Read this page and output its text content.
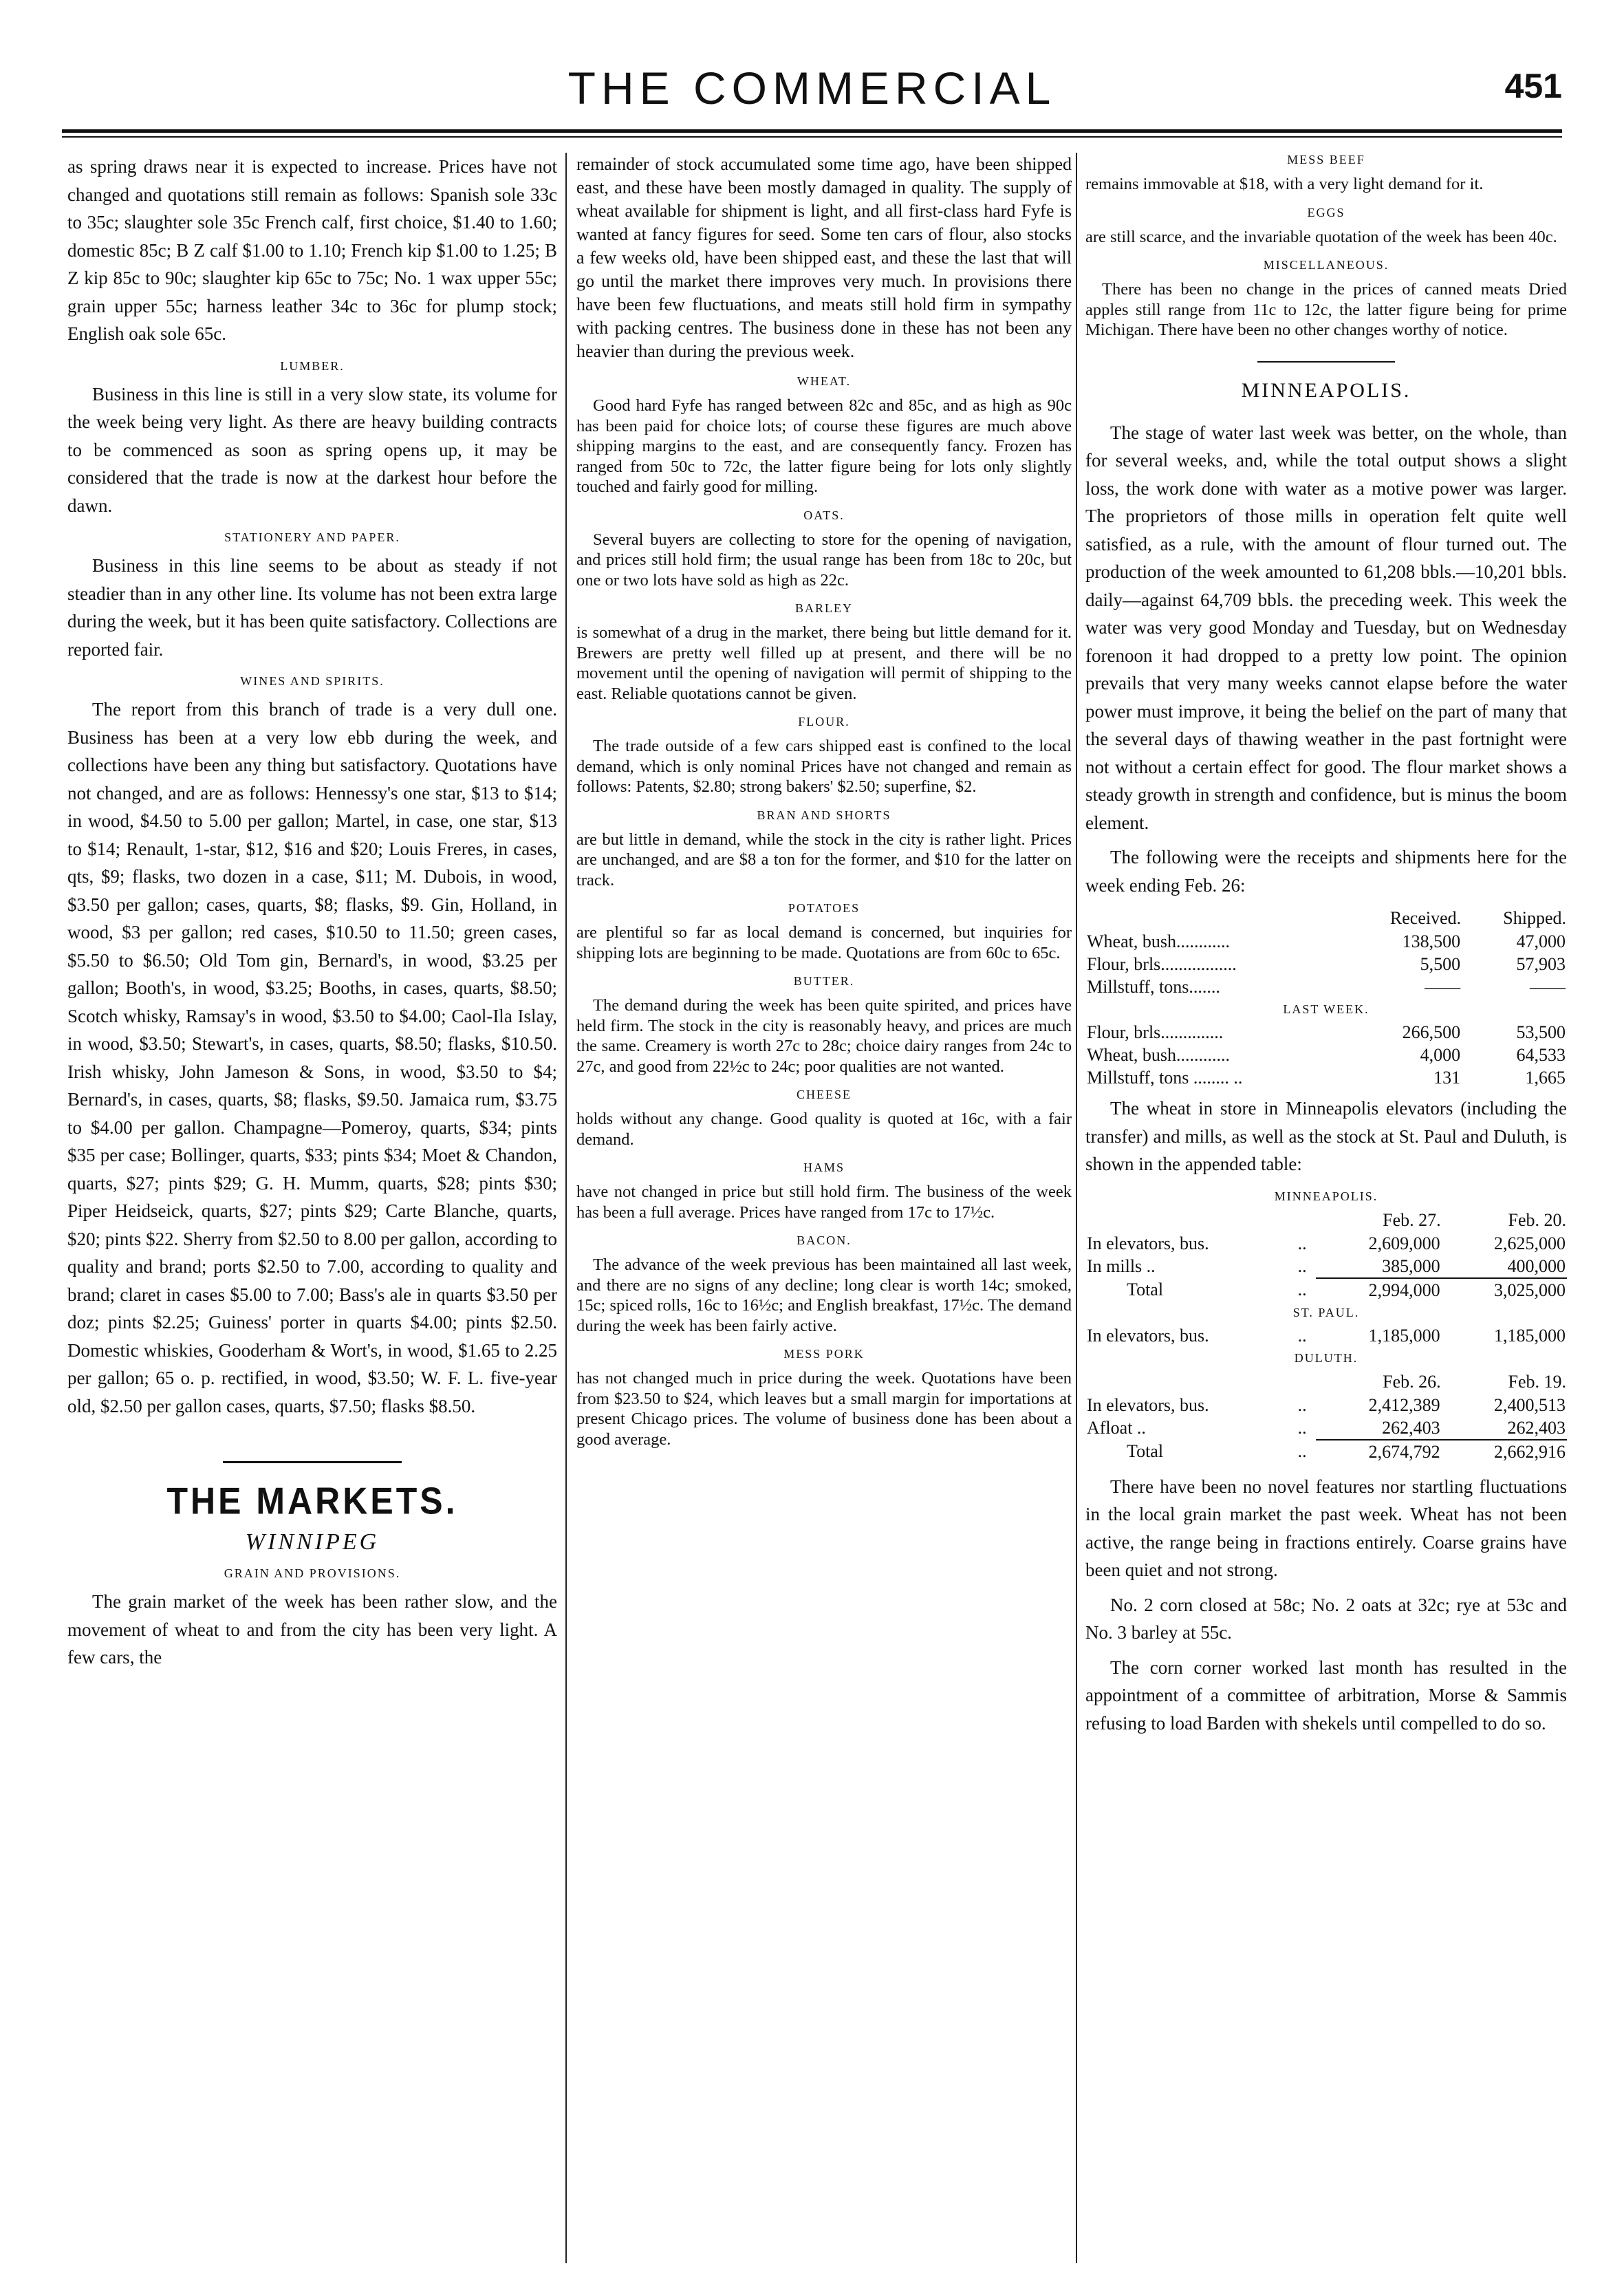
THE COMMERCIAL	451

as spring draws near it is expected to increase. Prices have not changed and quotations still remain as follows: Spanish sole 33c to 35c; slaughter sole 35c French calf, first choice, $1.40 to 1.60; domestic 85c; B Z calf $1.00 to 1.10; French kip $1.00 to 1.25; B Z kip 85c to 90c; slaughter kip 65c to 75c; No. 1 wax upper 55c; grain upper 55c; harness leather 34c to 36c for plump stock; English oak sole 65c.

LUMBER.

Business in this line is still in a very slow state, its volume for the week being very light. As there are heavy building contracts to be commenced as soon as spring opens up, it may be considered that the trade is now at the darkest hour before the dawn.

STATIONERY AND PAPER.

Business in this line seems to be about as steady if not steadier than in any other line. Its volume has not been extra large during the week, but it has been quite satisfactory. Collections are reported fair.

WINES AND SPIRITS.

The report from this branch of trade is a very dull one. Business has been at a very low ebb during the week, and collections have been any thing but satisfactory. Quotations have not changed, and are as follows: Hennessy's one star, $13 to $14; in wood, $4.50 to 5.00 per gallon; Martel, in case, one star, $13 to $14; Renault, 1-star, $12, $16 and $20; Louis Freres, in cases, qts, $9; flasks, two dozen in a case, $11; M. Dubois, in wood, $3.50 per gallon; cases, quarts, $8; flasks, $9. Gin, Holland, in wood, $3 per gallon; red cases, $10.50 to 11.50; green cases, $5.50 to $6.50; Old Tom gin, Bernard's, in wood, $3.25 per gallon; Booth's, in wood, $3.25; Booths, in cases, quarts, $8.50; Scotch whisky, Ramsay's in wood, $3.50 to $4.00; Caol-Ila Islay, in wood, $3.50; Stewart's, in cases, quarts, $8.50; flasks, $10.50. Irish whisky, John Jameson & Sons, in wood, $3.50 to $4; Bernard's, in cases, quarts, $8; flasks, $9.50. Jamaica rum, $3.75 to $4.00 per gallon. Champagne—Pomeroy, quarts, $34; pints $35 per case; Bollinger, quarts, $33; pints $34; Moet & Chandon, quarts, $27; pints $29; G. H. Mumm, quarts, $28; pints $30; Piper Heidseick, quarts, $27; pints $29; Carte Blanche, quarts, $20; pints $22. Sherry from $2.50 to 8.00 per gallon, according to quality and brand; ports $2.50 to 7.00, according to quality and brand; claret in cases $5.00 to 7.00; Bass's ale in quarts $3.50 per doz; pints $2.25; Guiness' porter in quarts $4.00; pints $2.50. Domestic whiskies, Gooderham & Wort's, in wood, $1.65 to 2.25 per gallon; 65 o. p. rectified, in wood, $3.50; W. F. L. five-year old, $2.50 per gallon cases, quarts, $7.50; flasks $8.50.

THE MARKETS.
WINNIPEG
GRAIN AND PROVISIONS.

The grain market of the week has been rather slow, and the movement of wheat to and from the city has been very light. A few cars, the

remainder of stock accumulated some time ago, have been shipped east, and these have been mostly damaged in quality. The supply of wheat available for shipment is light, and all first-class hard Fyfe is wanted at fancy figures for seed. Some ten cars of flour, also stocks a few weeks old, have been shipped east, and these the last that will go until the market there improves very much. In provisions there have been few fluctuations, and meats still hold firm in sympathy with packing centres. The business done in these has not been any heavier than during the previous week.

WHEAT.

Good hard Fyfe has ranged between 82c and 85c, and as high as 90c has been paid for choice lots; of course these figures are much above shipping margins to the east, and are consequently fancy. Frozen has ranged from 50c to 72c, the latter figure being for lots only slightly touched and fairly good for milling.

OATS.

Several buyers are collecting to store for the opening of navigation, and prices still hold firm; the usual range has been from 18c to 20c, but one or two lots have sold as high as 22c.

BARLEY

is somewhat of a drug in the market, there being but little demand for it. Brewers are pretty well filled up at present, and there will be no movement until the opening of navigation will permit of shipping to the east. Reliable quotations cannot be given.

FLOUR.

The trade outside of a few cars shipped east is confined to the local demand, which is only nominal Prices have not changed and remain as follows: Patents, $2.80; strong bakers' $2.50; superfine, $2.

BRAN AND SHORTS

are but little in demand, while the stock in the city is rather light. Prices are unchanged, and are $8 a ton for the former, and $10 for the latter on track.

POTATOES

are plentiful so far as local demand is concerned, but inquiries for shipping lots are beginning to be made. Quotations are from 60c to 65c.

BUTTER.

The demand during the week has been quite spirited, and prices have held firm. The stock in the city is reasonably heavy, and prices are much the same. Creamery is worth 27c to 28c; choice dairy ranges from 24c to 27c, and good from 22½c to 24c; poor qualities are not wanted.

CHEESE

holds without any change. Good quality is quoted at 16c, with a fair demand.

HAMS

have not changed in price but still hold firm. The business of the week has been a full average. Prices have ranged from 17c to 17½c.

BACON.

The advance of the week previous has been maintained all last week, and there are no signs of any decline; long clear is worth 14c; smoked, 15c; spiced rolls, 16c to 16½c; and English breakfast, 17½c. The demand during the week has been fairly active.

MESS PORK

has not changed much in price during the week. Quotations have been from $23.50 to $24, which leaves but a small margin for importations at present Chicago prices. The volume of business done has been about a good average.

MESS BEEF

remains immovable at $18, with a very light demand for it.

EGGS

are still scarce, and the invariable quotation of the week has been 40c.

MISCELLANEOUS.

There has been no change in the prices of canned meats Dried apples still range from 11c to 12c, the latter figure being for prime Michigan. There have been no other changes worthy of notice.

MINNEAPOLIS.

The stage of water last week was better, on the whole, than for several weeks, and, while the total output shows a slight loss, the work done with water as a motive power was larger. The proprietors of those mills in operation felt quite well satisfied, as a rule, with the amount of flour turned out. The production of the week amounted to 61,208 bbls.—10,201 bbls. daily—against 64,709 bbls. the preceding week. This week the water was very good Monday and Tuesday, but on Wednesday forenoon it had dropped to a pretty low point. The opinion prevails that very many weeks cannot elapse before the water power must improve, it being the belief on the part of many that the several days of thawing weather in the past fortnight were not without a certain effect for good. The flour market shows a steady growth in strength and confidence, but is minus the boom element.

The following were the receipts and shipments here for the week ending Feb. 26:

	Received.	Shipped.
Wheat, bush............	138,500	47,000
Flour, brls.................	5,500	57,903
Millstuff, tons.......	——	——
LAST WEEK.		
Flour, brls..............	266,500	53,500
Wheat, bush............	4,000	64,533
Millstuff, tons ........ ..	131	1,665

The wheat in store in Minneapolis elevators (including the transfer) and mills, as well as the stock at St. Paul and Duluth, is shown in the appended table:

MINNEAPOLIS.			
		Feb. 27.	Feb. 20.
In elevators, bus.	..	2,609,000	2,625,000
In mills ..	..	385,000	400,000
Total	..	2,994,000	3,025,000
ST. PAUL.			
In elevators, bus.	..	1,185,000	1,185,000
DULUTH.			
		Feb. 26.	Feb. 19.
In elevators, bus.	..	2,412,389	2,400,513
Afloat ..	..	262,403	262,403
Total	..	2,674,792	2,662,916

There have been no novel features nor startling fluctuations in the local grain market the past week. Wheat has not been active, the range being in fractions entirely. Coarse grains have been quiet and not strong.

No. 2 corn closed at 58c; No. 2 oats at 32c; rye at 53c and No. 3 barley at 55c.

The corn corner worked last month has resulted in the appointment of a committee of arbitration, Morse & Sammis refusing to load Barden with shekels until compelled to do so.
